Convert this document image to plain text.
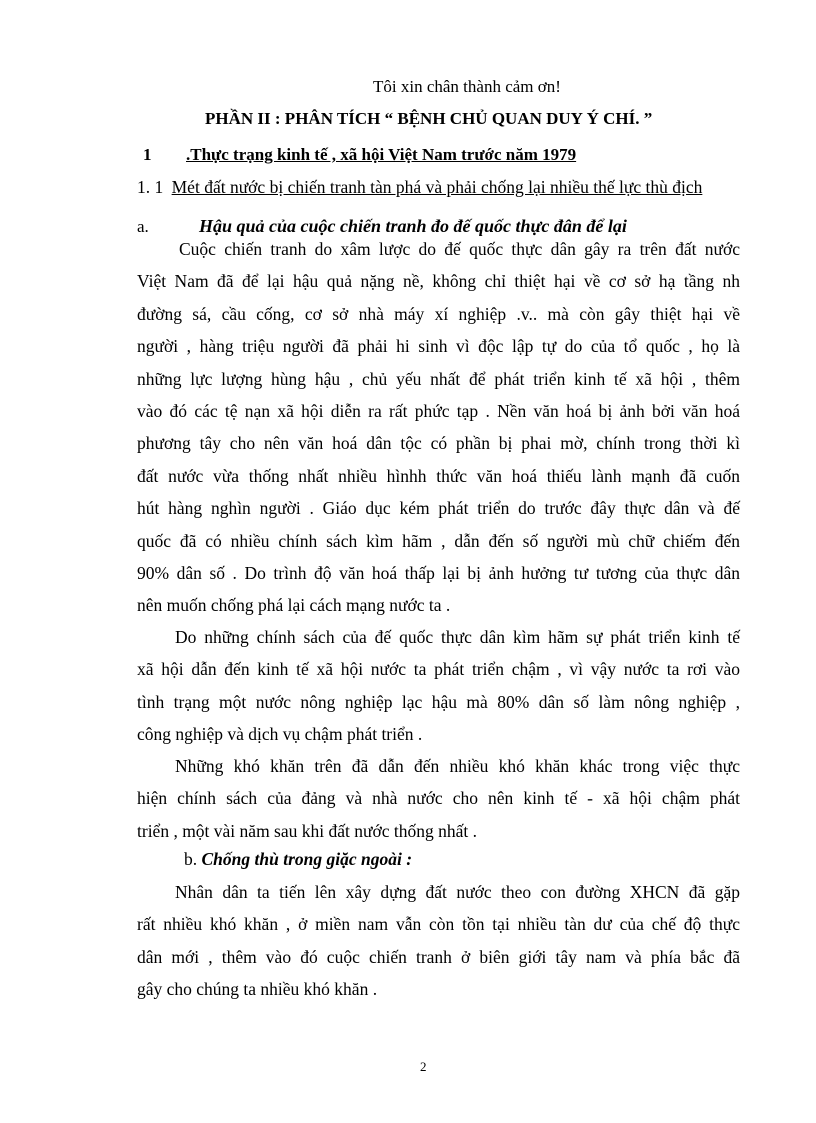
Tôi xin chân thành cảm ơn!
PHẦN II : PHÂN TÍCH “ BỆNH CHỦ QUAN DUY Ý CHÍ. ”
1 .Thực trạng kinh tế , xã hội Việt Nam trước năm 1979
1. 1 Mét đất nước bị chiến tranh tàn phá và phải chống lại nhiều thế lực thù địch
a.	Hậu quả của cuộc chiến tranh đo đế quốc thực đân để lại
Cuộc chiến tranh do xâm lược do đế quốc thực dân gây ra trên đất nước
Việt Nam đã để lại hậu quả nặng nề, không chỉ thiệt hại về cơ sở hạ tầng nh
đường sá, cầu cống, cơ sở nhà máy xí nghiệp .v.. mà còn gây thiệt hại về
người , hàng triệu người đã phải hi sinh vì độc lập tự do của tổ quốc , họ là
những lực lượng hùng hậu , chủ yếu nhất để phát triển kinh tế xã hội , thêm
vào đó các tệ nạn xã hội diễn ra rất phức tạp . Nền văn hoá bị ảnh bởi văn hoá
phương tây cho nên văn hoá dân tộc có phần bị phai mờ, chính trong thời kì
đất nước vừa thống nhất nhiều hìnhh thức văn hoá thiếu lành mạnh đã cuốn
hút hàng nghìn người . Giáo dục kém phát triển do trước đây thực dân và đế
quốc đã có nhiều chính sách kìm hãm , dẫn đến số người mù chữ chiếm đến
90% dân số . Do trình độ văn hoá thấp lại bị ảnh hưởng tư tương của thực dân
nên muốn chống phá lại cách mạng nước ta .
Do những chính sách của đế quốc thực dân kìm hãm sự phát triển kinh tế
xã hội dẫn đến kinh tế xã hội nước ta phát triển chậm , vì vậy nước ta rơi vào
tình trạng một nước nông nghiệp lạc hậu mà 80% dân số làm nông nghiệp ,
công nghiệp và dịch vụ chậm phát triển .
Những khó khăn trên đã dẫn đến nhiều khó khăn khác trong việc thực
hiện chính sách của đảng và nhà nước cho nên kinh tế - xã hội chậm phát
triển , một vài năm sau khi đất nước thống nhất .
b. Chống thù trong giặc ngoài :
Nhân dân ta tiến lên xây dựng đất nước theo con đường XHCN đã gặp
rất nhiều khó khăn , ở miền nam vẫn còn tồn tại nhiều tàn dư của chế độ thực
dân mới , thêm vào đó cuộc chiến tranh ở biên giới tây nam và phía bắc đã
gây cho chúng ta nhiều khó khăn .
2
